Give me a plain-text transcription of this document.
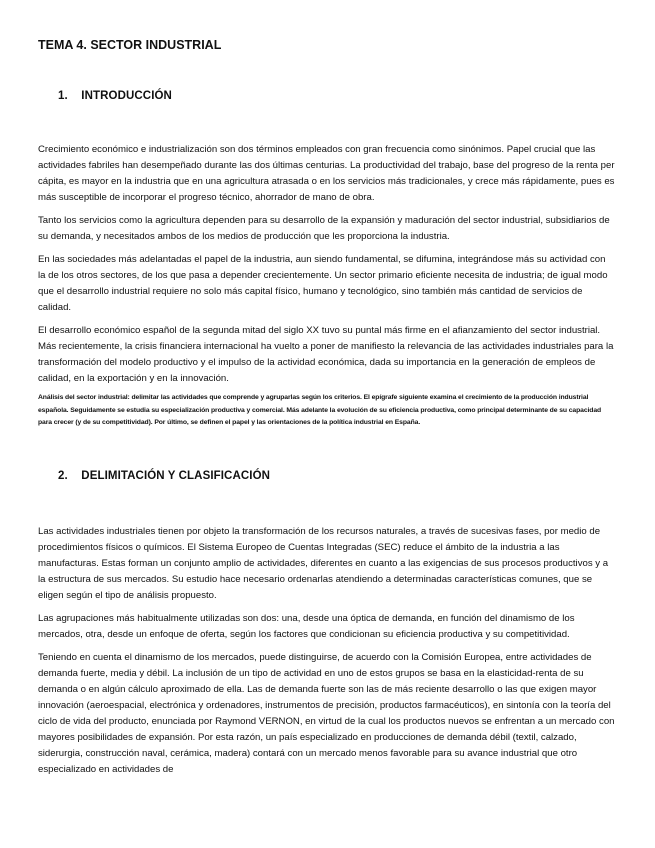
TEMA 4. SECTOR INDUSTRIAL
1. INTRODUCCIÓN

Crecimiento económico e industrialización son dos términos empleados con gran frecuencia como sinónimos. Papel crucial que las actividades fabriles han desempeñado durante las dos últimas centurias. La productividad del trabajo, base del progreso de la renta per cápita, es mayor en la industria que en una agricultura atrasada o en los servicios más tradicionales, y crece más rápidamente, pues es más susceptible de incorporar el progreso técnico, ahorrador de mano de obra.

Tanto los servicios como la agricultura dependen para su desarrollo de la expansión y maduración del sector industrial, subsidiarios de su demanda, y necesitados ambos de los medios de producción que les proporciona la industria.

En las sociedades más adelantadas el papel de la industria, aun siendo fundamental, se difumina, integrándose más su actividad con la de los otros sectores, de los que pasa a depender crecientemente. Un sector primario eficiente necesita de industria; de igual modo que el desarrollo industrial requiere no solo más capital físico, humano y tecnológico, sino también más cantidad de servicios de calidad.

El desarrollo económico español de la segunda mitad del siglo XX tuvo su puntal más firme en el afianzamiento del sector industrial. Más recientemente, la crisis financiera internacional ha vuelto a poner de manifiesto la relevancia de las actividades industriales para la transformación del modelo productivo y el impulso de la actividad económica, dada su importancia en la generación de empleos de calidad, en la exportación y en la innovación.

Análisis del sector industrial: delimitar las actividades que comprende y agruparlas según los criterios. El epígrafe siguiente examina el crecimiento de la producción industrial española. Seguidamente se estudia su especialización productiva y comercial. Más adelante la evolución de su eficiencia productiva, como principal determinante de su capacidad para crecer (y de su competitividad). Por último, se definen el papel y las orientaciones de la política industrial en España.

2. DELIMITACIÓN Y CLASIFICACIÓN

Las actividades industriales tienen por objeto la transformación de los recursos naturales, a través de sucesivas fases, por medio de procedimientos físicos o químicos. El Sistema Europeo de Cuentas Integradas (SEC) reduce el ámbito de la industria a las manufacturas. Estas forman un conjunto amplio de actividades, diferentes en cuanto a las exigencias de sus procesos productivos y a la estructura de sus mercados. Su estudio hace necesario ordenarlas atendiendo a determinadas características comunes, que se eligen según el tipo de análisis propuesto.

Las agrupaciones más habitualmente utilizadas son dos: una, desde una óptica de demanda, en función del dinamismo de los mercados, otra, desde un enfoque de oferta, según los factores que condicionan su eficiencia productiva y su competitividad.

Teniendo en cuenta el dinamismo de los mercados, puede distinguirse, de acuerdo con la Comisión Europea, entre actividades de demanda fuerte, media y débil. La inclusión de un tipo de actividad en uno de estos grupos se basa en la elasticidad-renta de su demanda o en algún cálculo aproximado de ella. Las de demanda fuerte son las de más reciente desarrollo o las que exigen mayor innovación (aeroespacial, electrónica y ordenadores, instrumentos de precisión, productos farmacéuticos), en sintonía con la teoría del ciclo de vida del producto, enunciada por Raymond VERNON, en virtud de la cual los productos nuevos se enfrentan a un mercado con mayores posibilidades de expansión. Por esta razón, un país especializado en producciones de demanda débil (textil, calzado, siderurgia, construcción naval, cerámica, madera) contará con un mercado menos favorable para su avance industrial que otro especializado en actividades de
